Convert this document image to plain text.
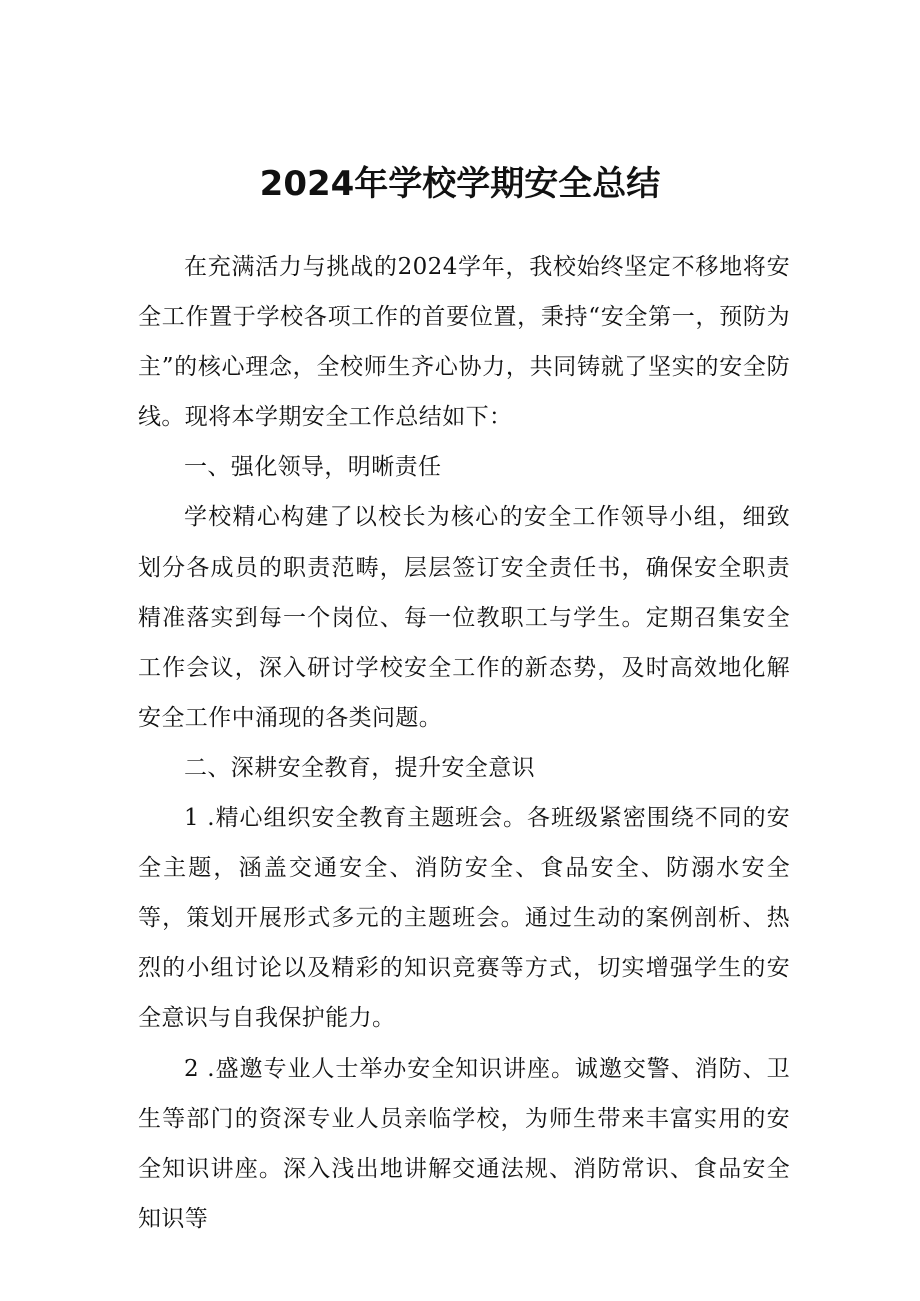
2024年学校学期安全总结

在充满活力与挑战的2024学年，我校始终坚定不移地将安全工作置于学校各项工作的首要位置，秉持“安全第一，预防为主”的核心理念，全校师生齐心协力，共同铸就了坚实的安全防线。现将本学期安全工作总结如下：

一、强化领导，明晰责任

学校精心构建了以校长为核心的安全工作领导小组，细致划分各成员的职责范畴，层层签订安全责任书，确保安全职责精准落实到每一个岗位、每一位教职工与学生。定期召集安全工作会议，深入研讨学校安全工作的新态势，及时高效地化解安全工作中涌现的各类问题。

二、深耕安全教育，提升安全意识

1 .精心组织安全教育主题班会。各班级紧密围绕不同的安全主题，涵盖交通安全、消防安全、食品安全、防溺水安全等，策划开展形式多元的主题班会。通过生动的案例剖析、热烈的小组讨论以及精彩的知识竞赛等方式，切实增强学生的安全意识与自我保护能力。

2 .盛邀专业人士举办安全知识讲座。诚邀交警、消防、卫生等部门的资深专业人员亲临学校，为师生带来丰富实用的安全知识讲座。深入浅出地讲解交通法规、消防常识、食品安全知识等
